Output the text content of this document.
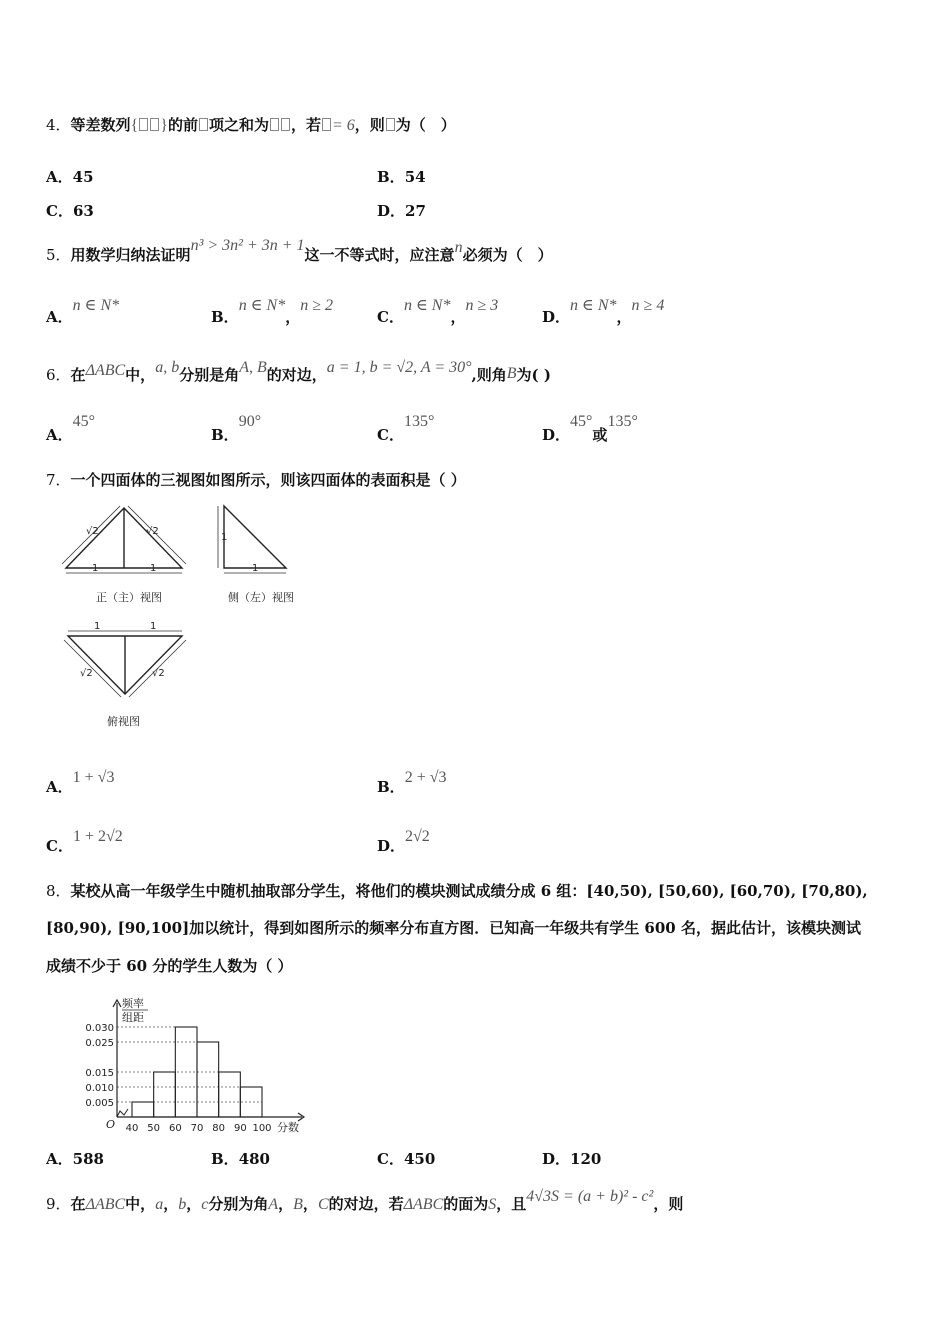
4．等差数列{ }的前 项之和为 ，若 = 6，则 为（　）
A．45	B．54
C．63	D．27
5．用数学归纳法证明n³ > 3n² + 3n + 1这一不等式时，应注意n必须为（　）
A．n ∈ N*
B．n ∈ N*，n ≥ 2
C．n ∈ N*，n ≥ 3
D．n ∈ N*，n ≥ 4
6．在ΔABC中，a, b分别是角A, B的对边，a = 1, b = √2, A = 30°,则角B为( )
A．45°
B．90°
C．135°
D．45°或135°
7．一个四面体的三视图如图所示，则该四面体的表面积是（ ）
√2	√2
1	1	1
1
1	1
√2	√2
正（主）视图	侧（左）视图
俯视图
A．1 + √3
B．2 + √3
C．1 + 2√2
D．2√2
8．某校从高一年级学生中随机抽取部分学生，将他们的模块测试成绩分成 6 组：[40,50), [50,60), [60,70), [70,80),
[80,90), [90,100]加以统计，得到如图所示的频率分布直方图．已知高一年级共有学生 600 名，据此估计，该模块测试
成绩不少于 60 分的学生人数为（ ）
0.030
0.025
0.015
0.010
0.005
40 50 60 70 80 90 100
频率
组距
O	分数
A．588	B．480	C．450	D．120
9．在ΔABC中，a，b，c分别为角A，B，C的对边，若ΔABC的面为S，且4√3S = (a + b)² - c²，则
